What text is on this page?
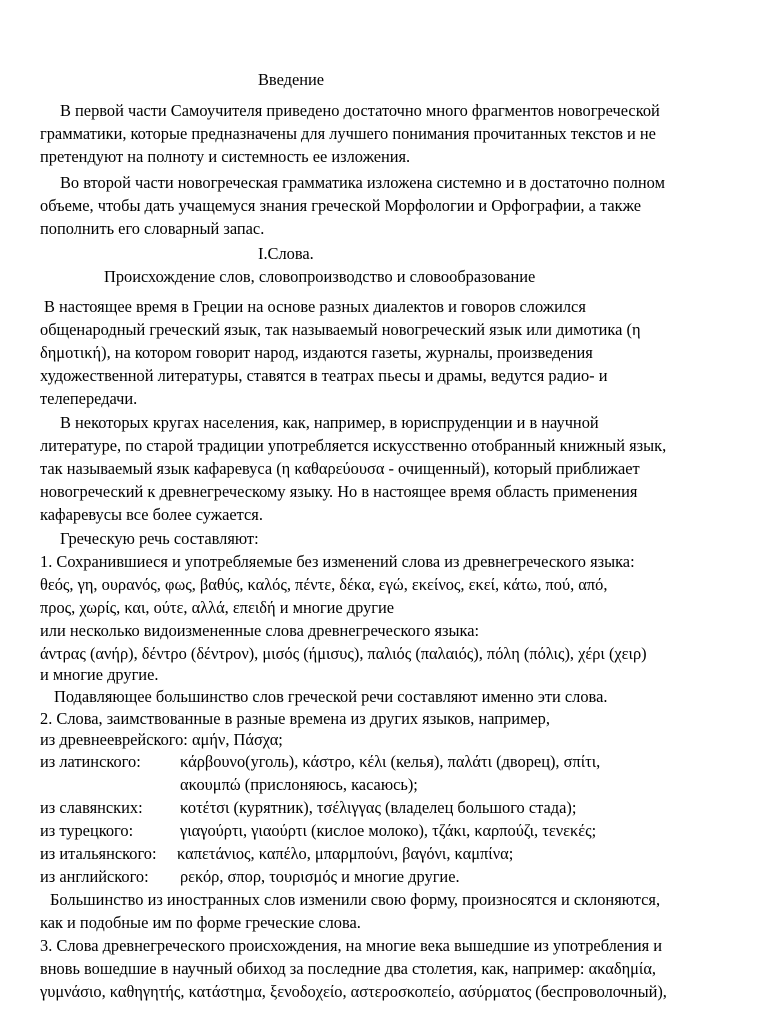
Введение
В первой части Самоучителя приведено достаточно много фрагментов новогреческой
грамматики, которые предназначены для лучшего понимания прочитанных текстов и не
претендуют на полноту и системность ее изложения.
Во второй части новогреческая грамматика изложена системно и в достаточно полном
объеме, чтобы дать учащемуся знания греческой Морфологии и Орфографии, а также
пополнить его словарный запас.
I.Слова.
Происхождение слов, словопроизводство и словообразование
В настоящее время в Греции на основе разных диалектов и говоров сложился
общенародный греческий язык, так называемый новогреческий язык или димотика (η
δημοτική), на котором говорит народ, издаются газеты, журналы, произведения
художественной литературы, ставятся в театрах пьесы и драмы, ведутся радио- и
телепередачи.
В некоторых кругах населения, как, например, в юриспруденции и в научной
литературе, по старой традиции употребляется искусственно отобранный книжный язык,
так называемый язык кафаревуса (η καθαρεύουσα - очищенный), который приближает
новогреческий к древнегреческому языку. Но в настоящее время область применения
кафаревусы все более сужается.
Греческую речь составляют:
1. Сохранившиеся и употребляемые без изменений слова из древнегреческого языка:
θεός, γη, ουρανός, φως, βαθύς, καλός, πέντε, δέκα, εγώ, εκείνος, εκεί, κάτω, πού, από,
προς, χωρίς, και, ούτε, αλλά, επειδή и многие другие
или несколько видоизмененные слова древнегреческого языка:
άντρας (ανήρ), δέντρο (δέντρον), μισός (ήμισυς), παλιός (παλαιός), πόλη (πόλις), χέρι (χειρ)
и многие другие.
Подавляющее большинство слов греческой речи составляют именно эти слова.
2. Слова, заимствованные в разные времена из других языков, например,
из древнееврейского: αμήν, Πάσχα;
из латинского: κάρβουνο(уголь), κάστρο, κέλι (келья), παλάτι (дворец), σπίτι,
ακουμπώ (прислоняюсь, касаюсь);
из славянских: κοτέτσι (курятник), τσέλιγγας (владелец большого стада);
из турецкого:	γιαγούρτι, γιαούρτι (кислое молоко), τζάκι, καρπούζι, τενεκές;
из итальянского: καπετάνιος, καπέλο, μπαρμπούνι, βαγόνι, καμπίνα;
из английского: ρεκόρ, σπορ, τουρισμός и многие другие.
Большинство из иностранных слов изменили свою форму, произносятся и склоняются,
как и подобные им по форме греческие слова.
3. Слова древнегреческого происхождения, на многие века вышедшие из употребления и
вновь вошедшие в научный обиход за последние два столетия, как, например: ακαδημία,
γυμνάσιο, καθηγητής, κατάστημα, ξενοδοχείο, αστεροσκοπείο, ασύρματος (беспроволочный),
